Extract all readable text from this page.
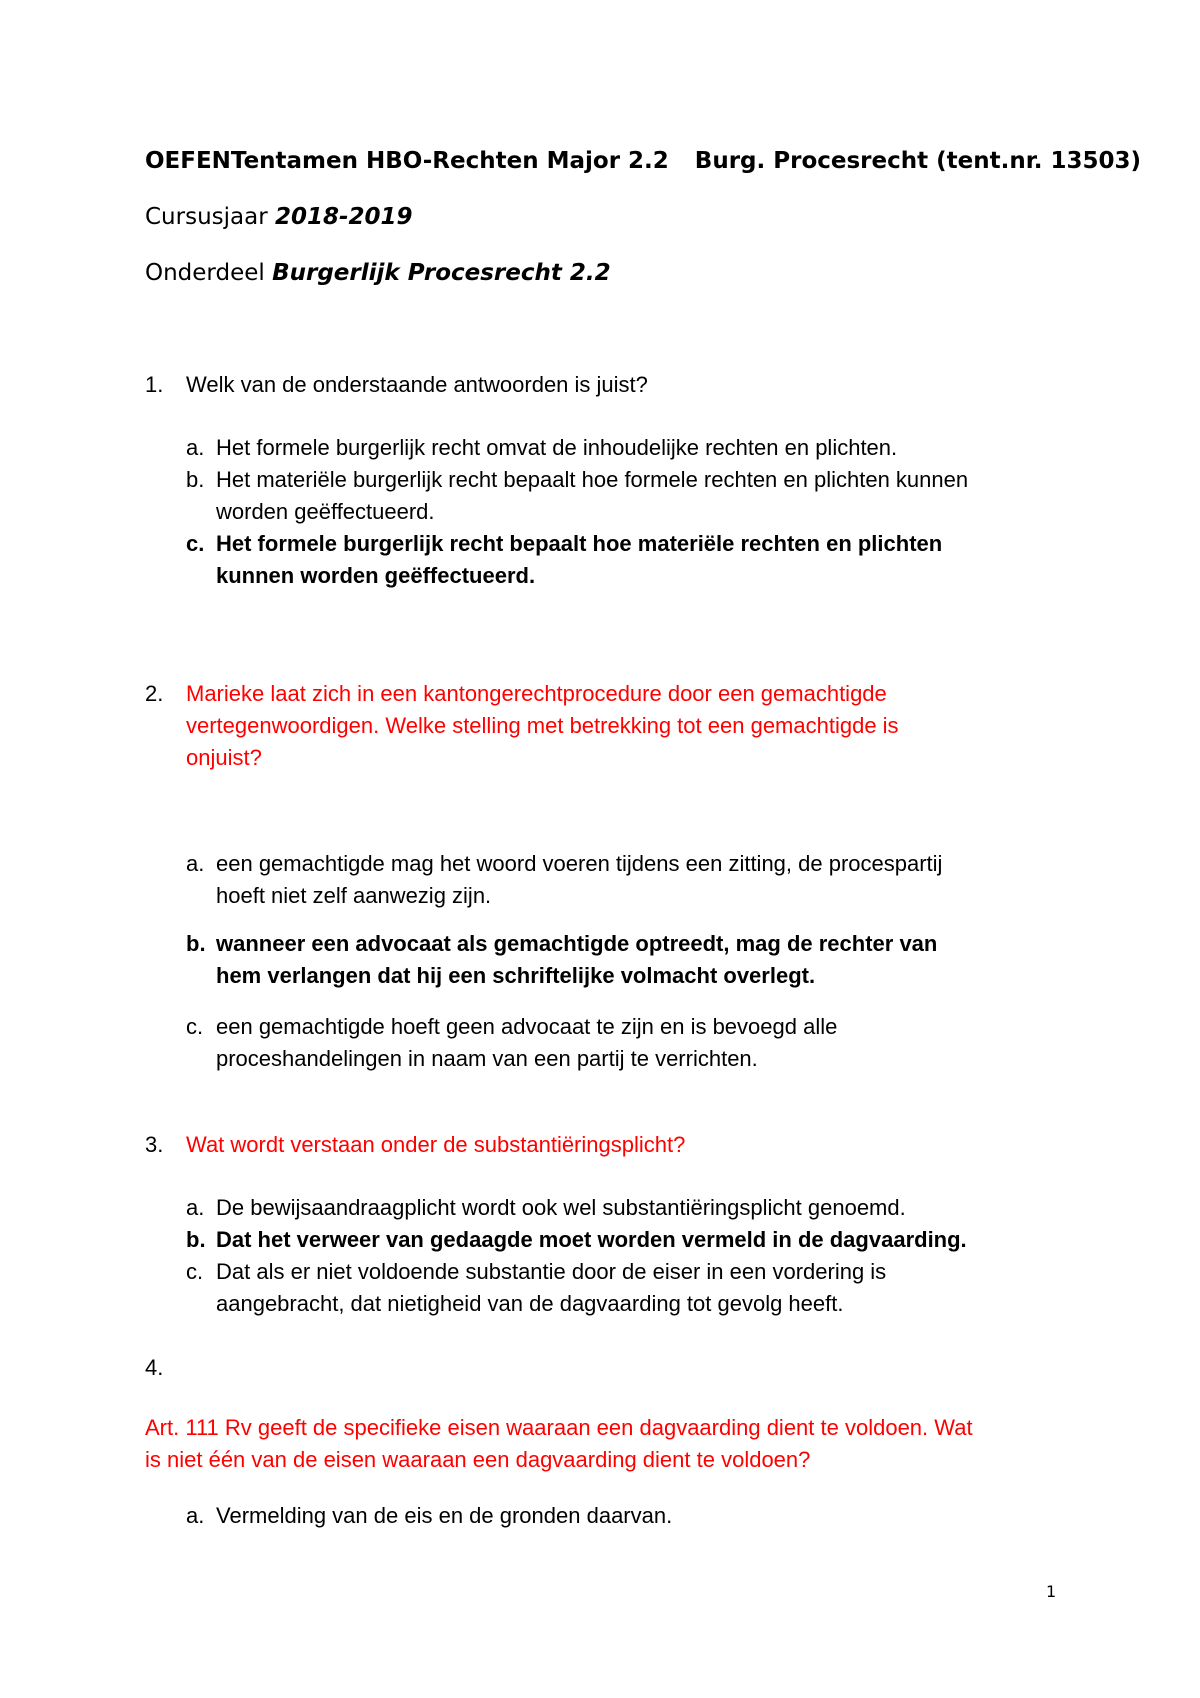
OEFENTentamen HBO-Rechten Major 2.2 Burg. Procesrecht (tent.nr. 13503)
Cursusjaar 2018-2019
Onderdeel Burgerlijk Procesrecht 2.2
1. Welk van de onderstaande antwoorden is juist?
a. Het formele burgerlijk recht omvat de inhoudelijke rechten en plichten.
b. Het materiële burgerlijk recht bepaalt hoe formele rechten en plichten kunnen
worden geëffectueerd.
c. Het formele burgerlijk recht bepaalt hoe materiële rechten en plichten
kunnen worden geëffectueerd.
2. Marieke laat zich in een kantongerechtprocedure door een gemachtigde
vertegenwoordigen. Welke stelling met betrekking tot een gemachtigde is
onjuist?
a. een gemachtigde mag het woord voeren tijdens een zitting, de procespartij
hoeft niet zelf aanwezig zijn.
b. wanneer een advocaat als gemachtigde optreedt, mag de rechter van
hem verlangen dat hij een schriftelijke volmacht overlegt.
c. een gemachtigde hoeft geen advocaat te zijn en is bevoegd alle
proceshandelingen in naam van een partij te verrichten.
3. Wat wordt verstaan onder de substantiëringsplicht?
a. De bewijsaandraagplicht wordt ook wel substantiëringsplicht genoemd.
b. Dat het verweer van gedaagde moet worden vermeld in de dagvaarding.
c. Dat als er niet voldoende substantie door de eiser in een vordering is
aangebracht, dat nietigheid van de dagvaarding tot gevolg heeft.
4.
Art. 111 Rv geeft de specifieke eisen waaraan een dagvaarding dient te voldoen. Wat
is niet één van de eisen waaraan een dagvaarding dient te voldoen?
a. Vermelding van de eis en de gronden daarvan.
1
